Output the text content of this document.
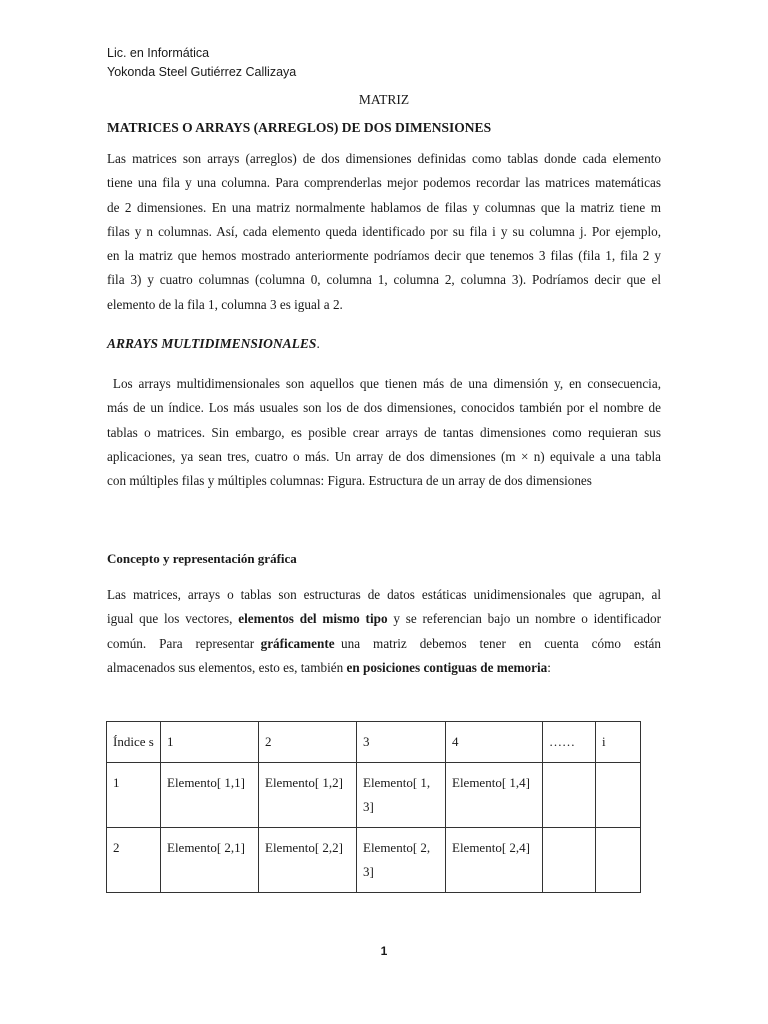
Lic. en Informática
Yokonda Steel Gutiérrez Callizaya
MATRIZ
MATRICES O ARRAYS (ARREGLOS) DE DOS DIMENSIONES
Las matrices son arrays (arreglos) de dos dimensiones definidas como tablas donde cada elemento
tiene una fila y una columna. Para comprenderlas mejor podemos recordar las matrices matemáticas
de 2 dimensiones. En una matriz normalmente hablamos de filas y columnas que la matriz tiene m
filas y n columnas. Así, cada elemento queda identificado por su fila i y su columna j. Por ejemplo,
en la matriz que hemos mostrado anteriormente podríamos decir que tenemos 3 filas (fila 1, fila 2 y
fila 3) y cuatro columnas (columna 0, columna 1, columna 2, columna 3). Podríamos decir que el
elemento de la fila 1, columna 3 es igual a 2.
ARRAYS MULTIDIMENSIONALES.
Los arrays multidimensionales son aquellos que tienen más de una dimensión y, en consecuencia,
más de un índice. Los más usuales son los de dos dimensiones, conocidos también por el nombre de
tablas o matrices. Sin embargo, es posible crear arrays de tantas dimensiones como requieran sus
aplicaciones, ya sean tres, cuatro o más. Un array de dos dimensiones (m × n) equivale a una tabla
con múltiples filas y múltiples columnas: Figura. Estructura de un array de dos dimensiones
Concepto y representación gráfica
Las matrices, arrays o tablas son estructuras de datos estáticas unidimensionales que agrupan, al
igual que los vectores, elementos del mismo tipo y se referencian bajo un nombre o identificador
común.  Para  representar gráficamente una  matriz  debemos  tener  en  cuenta  cómo  están
almacenados sus elementos, esto es, también en posiciones contiguas de memoria:
Índice s	1	2	3	4	……	i
1	Elemento[ 1,1]	Elemento[ 1,2]	Elemento[ 1, 3]	Elemento[ 1,4]		
2	Elemento[ 2,1]	Elemento[ 2,2]	Elemento[ 2, 3]	Elemento[ 2,4]		
1
